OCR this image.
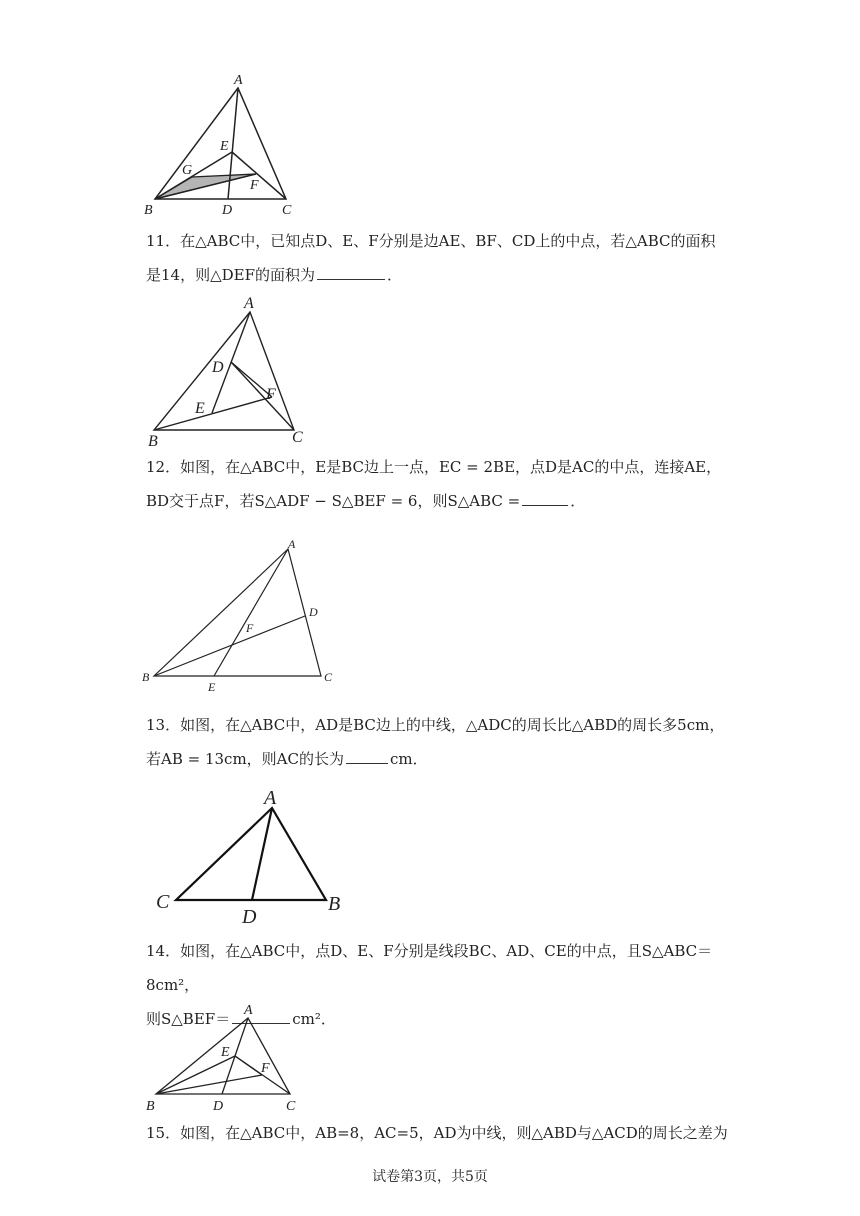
A
B	C
D
E
F
G
11．在△ABC中，已知点D、E、F分别是边AE、BF、CD上的中点，若△ABC的面积
是14，则△DEF的面积为	．
A
B	C
D
E
F
12．如图，在△ABC中，E是BC边上一点，EC = 2BE，点D是AC的中点，连接AE，
BD交于点F，若S△ADF − S△BEF = 6，则S△ABC =	．
A
B	C
D
E
F
13．如图，在△ABC中，AD是BC边上的中线，△ADC的周长比△ABD的周长多5cm，
若AB = 13cm，则AC的长为	cm．
A
B
C
D
14．如图，在△ABC中，点D、E、F分别是线段BC、AD、CE的中点，且S△ABC＝8cm²，
则S△BEF＝	cm²．
A
B	C
D
E
F
15．如图，在△ABC中，AB=8，AC=5，AD为中线，则△ABD与△ACD的周长之差为
试卷第3页，共5页
